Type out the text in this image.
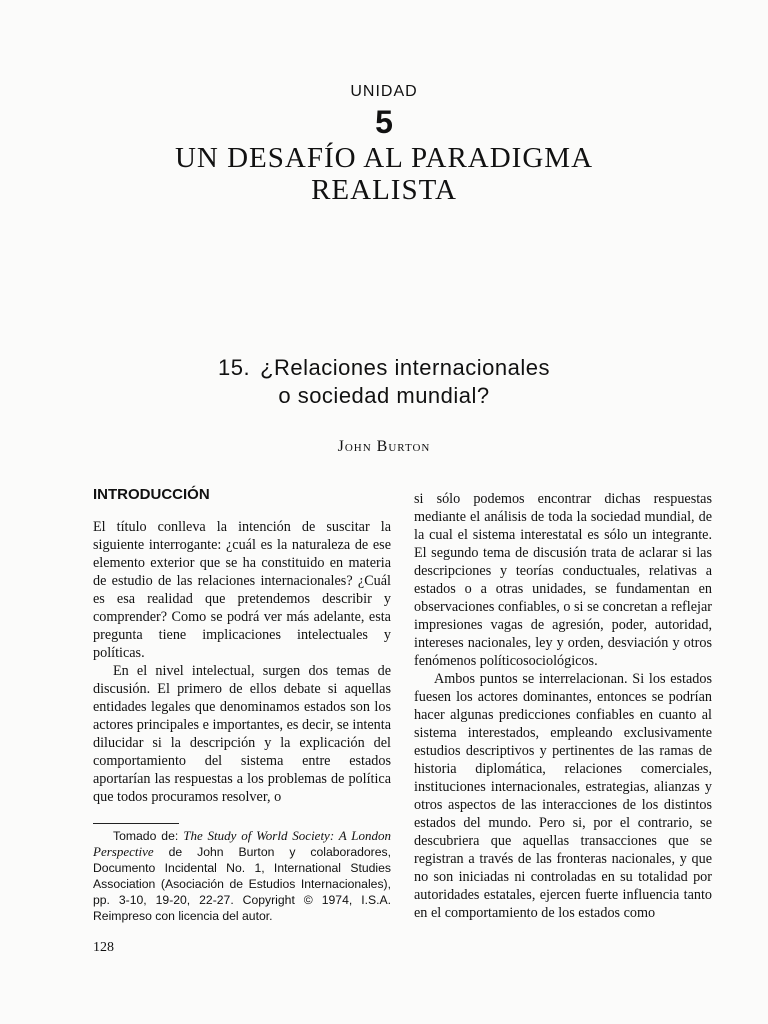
UNIDAD
5
UN DESAFÍO AL PARADIGMA
REALISTA
15. ¿Relaciones internacionales
o sociedad mundial?
John Burton
INTRODUCCIÓN

El título conlleva la intención de suscitar la siguiente interrogante: ¿cuál es la naturaleza de ese elemento exterior que se ha constituido en materia de estudio de las relaciones internacionales? ¿Cuál es esa realidad que pretendemos describir y comprender? Como se podrá ver más adelante, esta pregunta tiene implicaciones intelectuales y políticas.

En el nivel intelectual, surgen dos temas de discusión. El primero de ellos debate si aquellas entidades legales que denominamos estados son los actores principales e importantes, es decir, se intenta dilucidar si la descripción y la explicación del comportamiento del sistema entre estados aportarían las respuestas a los problemas de política que todos procuramos resolver, o

si sólo podemos encontrar dichas respuestas mediante el análisis de toda la sociedad mundial, de la cual el sistema interestatal es sólo un integrante. El segundo tema de discusión trata de aclarar si las descripciones y teorías conductuales, relativas a estados o a otras unidades, se fundamentan en observaciones confiables, o si se concretan a reflejar impresiones vagas de agresión, poder, autoridad, intereses nacionales, ley y orden, desviación y otros fenómenos políticosociológicos.

Ambos puntos se interrelacionan. Si los estados fuesen los actores dominantes, entonces se podrían hacer algunas predicciones confiables en cuanto al sistema interestados, empleando exclusivamente estudios descriptivos y pertinentes de las ramas de historia diplomática, relaciones comerciales, instituciones internacionales, estrategias, alianzas y otros aspectos de las interacciones de los distintos estados del mundo. Pero si, por el contrario, se descubriera que aquellas transacciones que se registran a través de las fronteras nacionales, y que no son iniciadas ni controladas en su totalidad por autoridades estatales, ejercen fuerte influencia tanto en el comportamiento de los estados como

Tomado de: The Study of World Society: A London Perspective de John Burton y colaboradores, Documento Incidental No. 1, International Studies Association (Asociación de Estudios Internacionales), pp. 3-10, 19-20, 22-27. Copyright © 1974, I.S.A. Reimpreso con licencia del autor.
128
